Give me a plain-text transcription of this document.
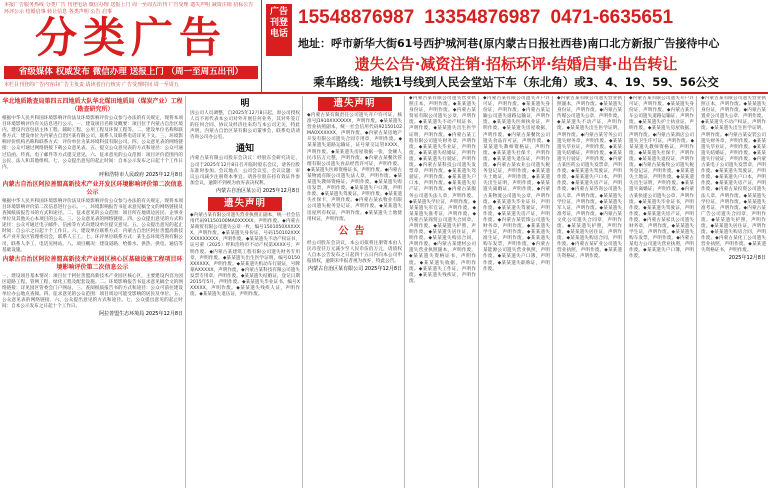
本报广告服务热线 分类广告 刊登电话 微信办理 送报上门 周一至周五出刊 广告受理 遗失声明 减资注销 招标公告 环评公示 结婚启事 转让信息 各类声明 公告 启事
分类广告
省级媒体 权威发布 微信办理 送报上门 （周一至周五出刊）
本栏目刊登的广告内容由广告主负责 请读者自行核实 广告受理时间 周一至周五
广告刊登电话
15548876987 13354876987 0471-6635651
地址：呼市新华大街61号西护城河巷(原内蒙古日报社西巷)南口北方新报广告接待中心
遗失公告·减资注销·招标环评·结婚启事·出告转让
乘车路线：地铁1号线到人民会堂站下车（东北角）或3、4、19、59、56公交
华北地质勘查局第四五四地质大队华北煤田地质局（煤炭产业）工程（勘查研究所）
根据中华人民共和国环境影响评价法及环境影响评价公众参与办法的有关规定，现将本项目环境影响评价有关信息进行公示。一、建设项目名称及概要：项目位于内蒙古自治区境内，建设内容包括主体工程、辅助工程、公用工程及环保工程等。二、建设单位名称和联系方式：建设单位为内蒙古自治区某有限公司，联系人及联系电话详见下文。三、环境影响评价机构名称和联系方式：评价单位为某环境科技有限公司。四、公众意见表的网络链接：公众可通过网络链接下载公众意见表。五、提交公众意见表的方式和途径：公众可通过信函、传真、电子邮件等方式提交意见。六、征求意见的公众范围：项目评价范围内的公民、法人和其他组织。七、公众提出意见的起止时间：自本公示发布之日起十个工作日内。
呼和浩特市人民政府 2025年12月8日
内蒙古自治区阿拉善盟高新技术产业开发区环境影响评价第二次信息公示
根据中华人民共和国环境影响评价法及环境影响评价公众参与办法的有关规定，现将本项目环境影响评价第二次信息进行公示。一、环境影响报告书征求意见稿全文的网络链接及查阅纸质报告书的方式和途径。二、征求意见的公众范围：项目所在地周边居民、企事业单位及其他关心本项目的公众。三、公众意见表的网络链接。四、公众提出意见的方式和途径：公众可通过电子邮件、信函等方式向建设单位提交意见。五、公众提出意见的起止时间：自公示之日起十个工作日。六、建设单位联系方式：内蒙古自治区阿拉善盟高新技术产业开发区管理委员会，联系人王工。七、环评单位联系方式：某生态环境咨询有限公司，联系人李工，电话见网站。八、项目概况：建设道路、给排水、供热、供电、通信等基础设施。
内蒙古自治区阿拉善盟高新技术产业园区核心区基础设施工程项目环境影响评价第二次信息公示
一、建设项目基本情况：项目位于阿拉善盟高新技术产业园区核心区，主要建设内容为园区道路工程、管网工程、绿化工程及配套设施。二、环境影响报告书征求意见稿全文的网络链接：详见园区管委会门户网站。三、查阅纸质报告书的方式和途径：公众可前往建设单位办公地点查阅。四、征求意见的公众范围：项目周边可能受影响的居民及单位。五、公众意见表的网络链接。六、公众提出意见的方式和途径。七、公众提出意见的起止时间：自本公示发布之日起十个工作日。
阿拉善盟生态环境局 2025年12月8日
明
因公司人员调整，自2025年12月8日起，原公司授权人员不再代表本公司对外开展任何业务，其对外签订的任何合同、协议及经济往来均与本公司无关，特此声明。内蒙古自治区某有限公司董事会，联系电话请咨询公司办公室。
通知
内蒙古某有限公司股东会决议：经股东会研究决定，公司于2025年12月8日召开临时股东会议，请各位股东准时参加。会议地点：公司会议室。会议议题：审议公司减少注册资本事宜。请各位股东持有效证件参加会议，逾期不到视为放弃表决权利。
内蒙古自治区某公司 2025年12月8日
遗失声明
◆内蒙古某有限公司遗失营业执照正副本，统一社会信用代码91150100MA0XXXXX，声明作废。◆内蒙古某商贸有限公司遗失公章一枚，编号1501050XXXXXX，声明作废。◆某某遗失身份证，号码150102XXXXXXXXXXXX，声明作废。◆某某遗失不动产权证书，证号蒙（2025）呼和浩特市不动产权第XXXX号，声明作废。◆内蒙古某建筑工程有限公司遗失财务专用章，声明作废。◆某某遗失出生医学证明，编号O150XXXXXX，声明作废。◆某某遗失机动车行驶证，号牌蒙AXXXXX，声明作废。◆内蒙古某科技有限公司遗失发票专用章，声明作废。◆某某遗失结婚证，登记日期2015年5月，声明作废。◆某某遗失毕业证书，编号XXXXXX，声明作废。◆某某遗失残疾人证，声明作废。◆某某遗失退伍证，声明作废。
遗失声明
◆内蒙古某有限责任公司遗失开户许可证，核准号J1910XXXXXXX，声明作废。◆某某遗失营业执照副本，统一社会信用代码92150102MA0XXXXXX，声明作废。◆内蒙古某房地产开发有限公司遗失合同专用章，声明作废。◆某某遗失道路运输证，证号蒙交运管XXXX，声明作废。◆某某遗失房屋收据一张，金额人民币伍万元整，声明作废。◆内蒙古某餐饮管理有限公司遗失食品经营许可证，声明作废。◆某某遗失医师资格证书，声明作废。◆内蒙古某物流有限公司遗失法人章，声明作废。◆某某遗失教师资格证，声明作废。◆某某遗失购房发票，声明作废。◆某某遗失户口簿，声明作废。◆某某遗失驾驶证，声明作废。◆某某遗失社保卡，声明作废。◆内蒙古某农牧业有限公司遗失税务登记证，声明作废。◆某某遗失房屋所有权证，声明作废。◆某某遗失土地使用权证，声明作废。
公告
经公司股东会决议，本公司拟将注册资本由人民币壹仟万元减少至人民币伍佰万元，请债权人自本公告发布之日起四十五日内向本公司申报债权，逾期未申报者视为放弃，特此公告。
内蒙古自治区某有限公司 2025年12月8日
◆内蒙古某有限公司遗失营业执照正本，声明作废。◆某某遗失身份证，声明作废。◆内蒙古某贸易有限公司遗失公章，声明作废。◆某某遗失不动产权证书，声明作废。◆某某遗失出生医学证明，声明作废。◆内蒙古某工程有限公司遗失财务章，声明作废。◆某某遗失毕业证，声明作废。◆某某遗失结婚证，声明作废。◆某某遗失行驶证，声明作废。◆内蒙古某科技公司遗失发票章，声明作废。◆某某遗失驾驶证，声明作废。◆某某遗失户口本，声明作废。◆某某遗失房产证，声明作废。◆内蒙古某服务公司遗失法人章，声明作废。◆某某遗失学位证，声明作废。◆某某遗失军官证，声明作废。◆某某遗失准考证，声明作废。◆内蒙古某商贸公司遗失合同章，声明作废。◆某某遗失护照，声明作废。◆某某遗失居住证，声明作废。◆某某遗失购房合同，声明作废。◆内蒙古某建材公司遗失营业执照副本，声明作废。◆某某遗失资格证书，声明作废。◆某某遗失收据，声明作废。◆某某遗失工作证，声明作废。◆某某遗失残疾证，声明作废。
◆内蒙古某有限公司遗失开户许可证，声明作废。◆某某遗失身份证，声明作废。◆内蒙古某运输公司遗失道路运输证，声明作废。◆某某遗失医师执业证，声明作废。◆某某遗失房屋收据，声明作废。◆内蒙古某餐饮公司遗失食品许可证，声明作废。◆某某遗失教师资格证，声明作废。◆某某遗失社保卡，声明作废。◆某某遗失退伍证，声明作废。◆内蒙古某农业公司遗失税务登记证，声明作废。◆某某遗失土地证，声明作废。◆某某遗失出生证明，声明作废。◆某某遗失离婚证，声明作废。◆内蒙古某物流公司遗失公章，声明作废。◆某某遗失毕业证书，声明作废。◆某某遗失驾驶证，声明作废。◆某某遗失房产证，声明作废。◆内蒙古某装饰公司遗失财务章，声明作废。◆某某遗失学生证，声明作废。◆某某遗失准生证，声明作废。◆某某遗失购车发票，声明作废。◆内蒙古某能源公司遗失营业执照，声明作废。◆某某遗失户口簿，声明作废。◆某某遗失职称证，声明作废。
◆内蒙古某有限公司遗失营业执照副本，声明作废。◆某某遗失身份证，声明作废。◆内蒙古某传媒公司遗失公章，声明作废。◆某某遗失不动产证，声明作废。◆某某遗失出生医学证明，声明作废。◆内蒙古某劳务公司遗失财务章，声明作废。◆某某遗失毕业证，声明作废。◆某某遗失结婚证，声明作废。◆某某遗失行驶证，声明作废。◆内蒙古某医药公司遗失发票章，声明作废。◆某某遗失驾驶证，声明作废。◆某某遗失户口本，声明作废。◆某某遗失房产证，声明作废。◆内蒙古某咨询公司遗失法人章，声明作废。◆某某遗失学位证，声明作废。◆某某遗失军人证，声明作废。◆某某遗失准考证，声明作废。◆内蒙古某文化公司遗失合同章，声明作废。◆某某遗失护照，声明作废。◆某某遗失居住证，声明作废。◆某某遗失购房合同，声明作废。◆内蒙古某矿业公司遗失营业执照，声明作废。◆某某遗失资格证，声明作废。
◆内蒙古某有限公司遗失开户许可证，声明作废。◆某某遗失身份证，声明作废。◆内蒙古某汽车公司遗失道路运输证，声明作废。◆某某遗失护士执业证，声明作废。◆某某遗失房屋收据，声明作废。◆内蒙古某酒店公司遗失卫生许可证，声明作废。◆某某遗失教师资格证，声明作废。◆某某遗失社保卡，声明作废。◆某某遗失退役证，声明作废。◆内蒙古某畜牧公司遗失税务登记证，声明作废。◆某某遗失土地证，声明作废。◆某某遗失出生证明，声明作废。◆某某遗失离婚证，声明作废。◆内蒙古某快递公司遗失公章，声明作废。◆某某遗失毕业证书，声明作废。◆某某遗失驾驶证，声明作废。◆某某遗失房产证，声明作废。◆内蒙古某家具公司遗失财务章，声明作废。◆某某遗失学生证，声明作废。◆某某遗失购车发票，声明作废。◆内蒙古某电力公司遗失营业执照，声明作废。◆某某遗失户口簿，声明作废。
◆内蒙古某有限公司遗失营业执照正本，声明作废。◆某某遗失身份证，声明作废。◆内蒙古某置业公司遗失公章，声明作废。◆某某遗失不动产权证，声明作废。◆某某遗失出生医学证明，声明作废。◆内蒙古某安装公司遗失财务章，声明作废。◆某某遗失毕业证，声明作废。◆某某遗失结婚证，声明作废。◆某某遗失行驶证，声明作废。◆内蒙古某电子公司遗失发票章，声明作废。◆某某遗失驾驶证，声明作废。◆某某遗失户口本，声明作废。◆某某遗失房产证，声明作废。◆内蒙古某投资公司遗失法人章，声明作废。◆某某遗失学位证，声明作废。◆某某遗失准考证，声明作废。◆内蒙古某广告公司遗失合同章，声明作废。◆某某遗失护照，声明作废。◆某某遗失居住证，声明作废。◆某某遗失购房合同，声明作废。◆内蒙古某化工公司遗失营业执照，声明作废。◆某某遗失资格证书，声明作废。
2025年12月8日
